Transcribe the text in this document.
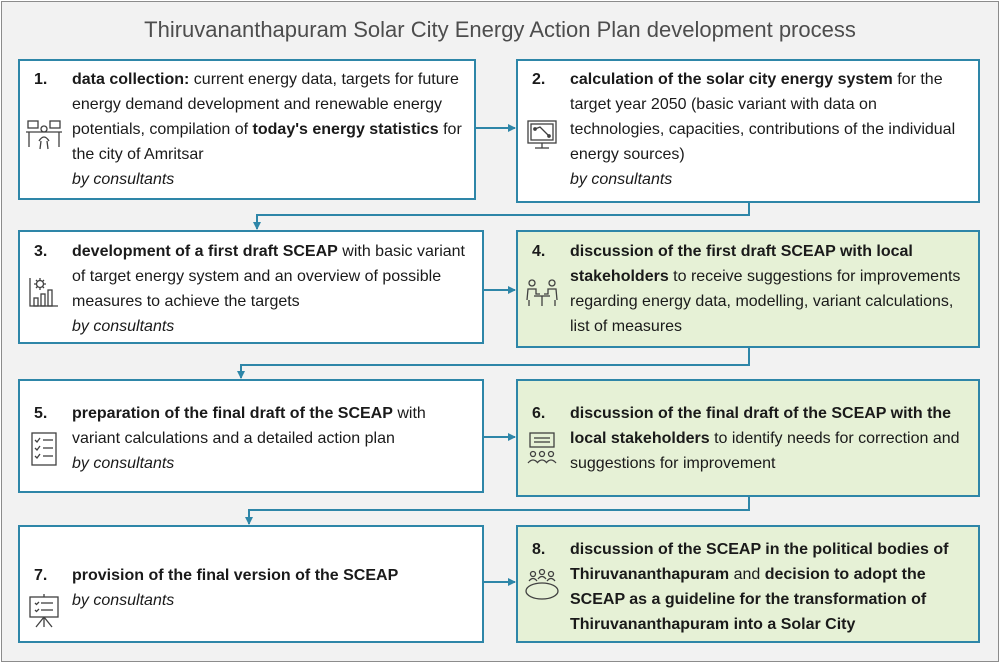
Thiruvananthapuram Solar City Energy Action Plan development process
1. data collection: current energy data, targets for future energy demand development and renewable energy potentials, compilation of today's energy statistics for the city of Amritsar
by consultants
2. calculation of the solar city energy system for the target year 2050 (basic variant with data on technologies, capacities, contributions of the individual energy sources)
by consultants
3. development of a first draft SCEAP with basic variant of target energy system and an overview of possible measures to achieve the targets
by consultants
4. discussion of the first draft SCEAP with local stakeholders to receive suggestions for improvements regarding energy data, modelling, variant calculations, list of measures
5. preparation of the final draft of the SCEAP with variant calculations and a detailed action plan
by consultants
6. discussion of the final draft of the SCEAP with the local stakeholders to identify needs for correction and suggestions for improvement
7. provision of the final version of the SCEAP
by consultants
8. discussion of the SCEAP in the political bodies of Thiruvananthapuram and decision to adopt the SCEAP as a guideline for the transformation of Thiruvananthapuram into a Solar City
